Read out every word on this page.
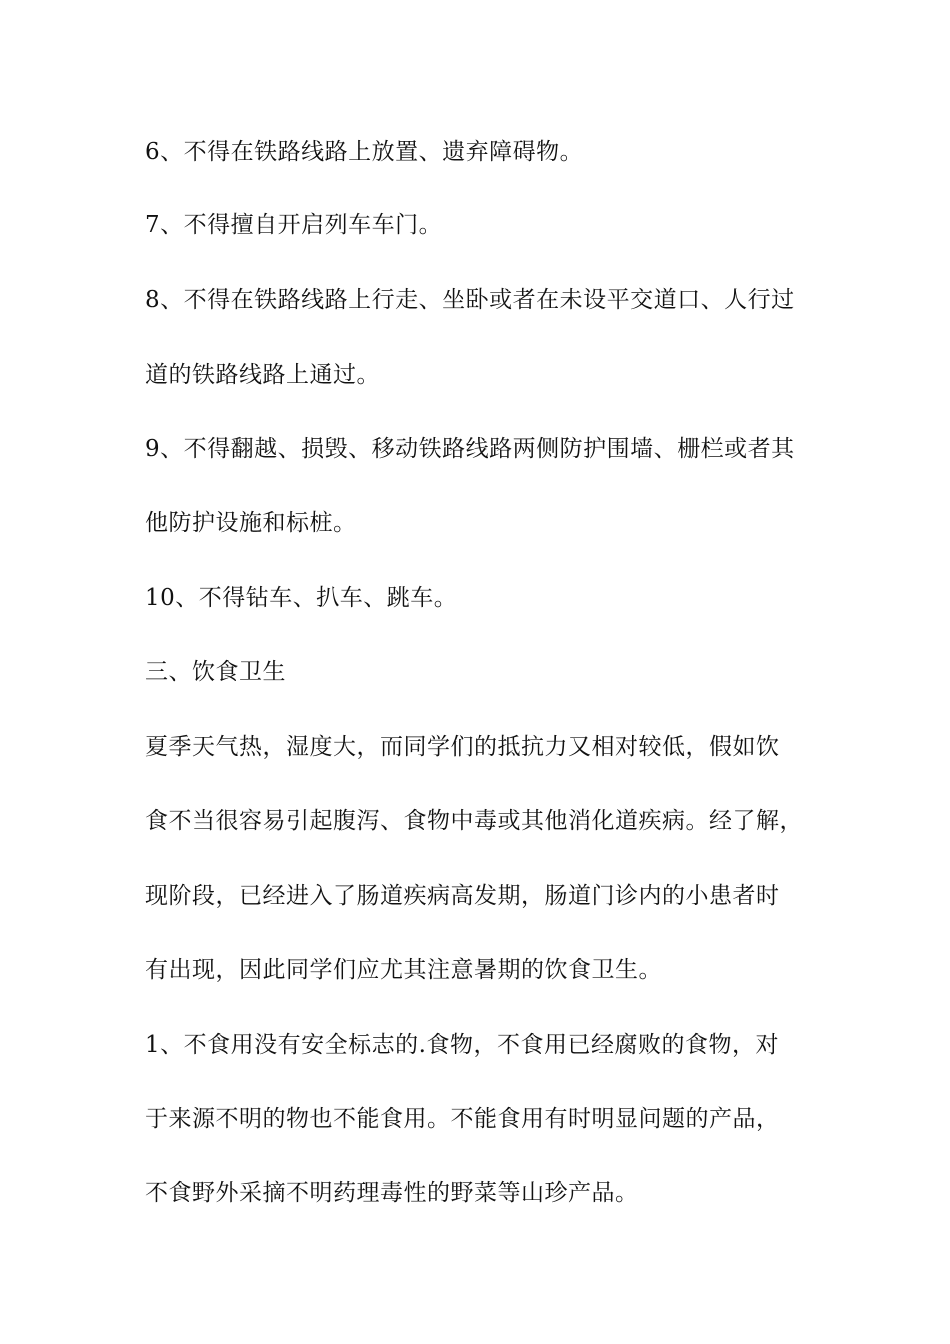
6、不得在铁路线路上放置、遗弃障碍物。
7、不得擅自开启列车车门。
8、不得在铁路线路上行走、坐卧或者在未设平交道口、人行过
道的铁路线路上通过。
9、不得翻越、损毁、移动铁路线路两侧防护围墙、栅栏或者其
他防护设施和标桩。
10、不得钻车、扒车、跳车。
三、饮食卫生
夏季天气热，湿度大，而同学们的抵抗力又相对较低，假如饮
食不当很容易引起腹泻、食物中毒或其他消化道疾病。经了解，
现阶段，已经进入了肠道疾病高发期，肠道门诊内的小患者时
有出现，因此同学们应尤其注意暑期的饮食卫生。
1、不食用没有安全标志的.食物，不食用已经腐败的食物，对
于来源不明的物也不能食用。不能食用有时明显问题的产品，
不食野外采摘不明药理毒性的野菜等山珍产品。
